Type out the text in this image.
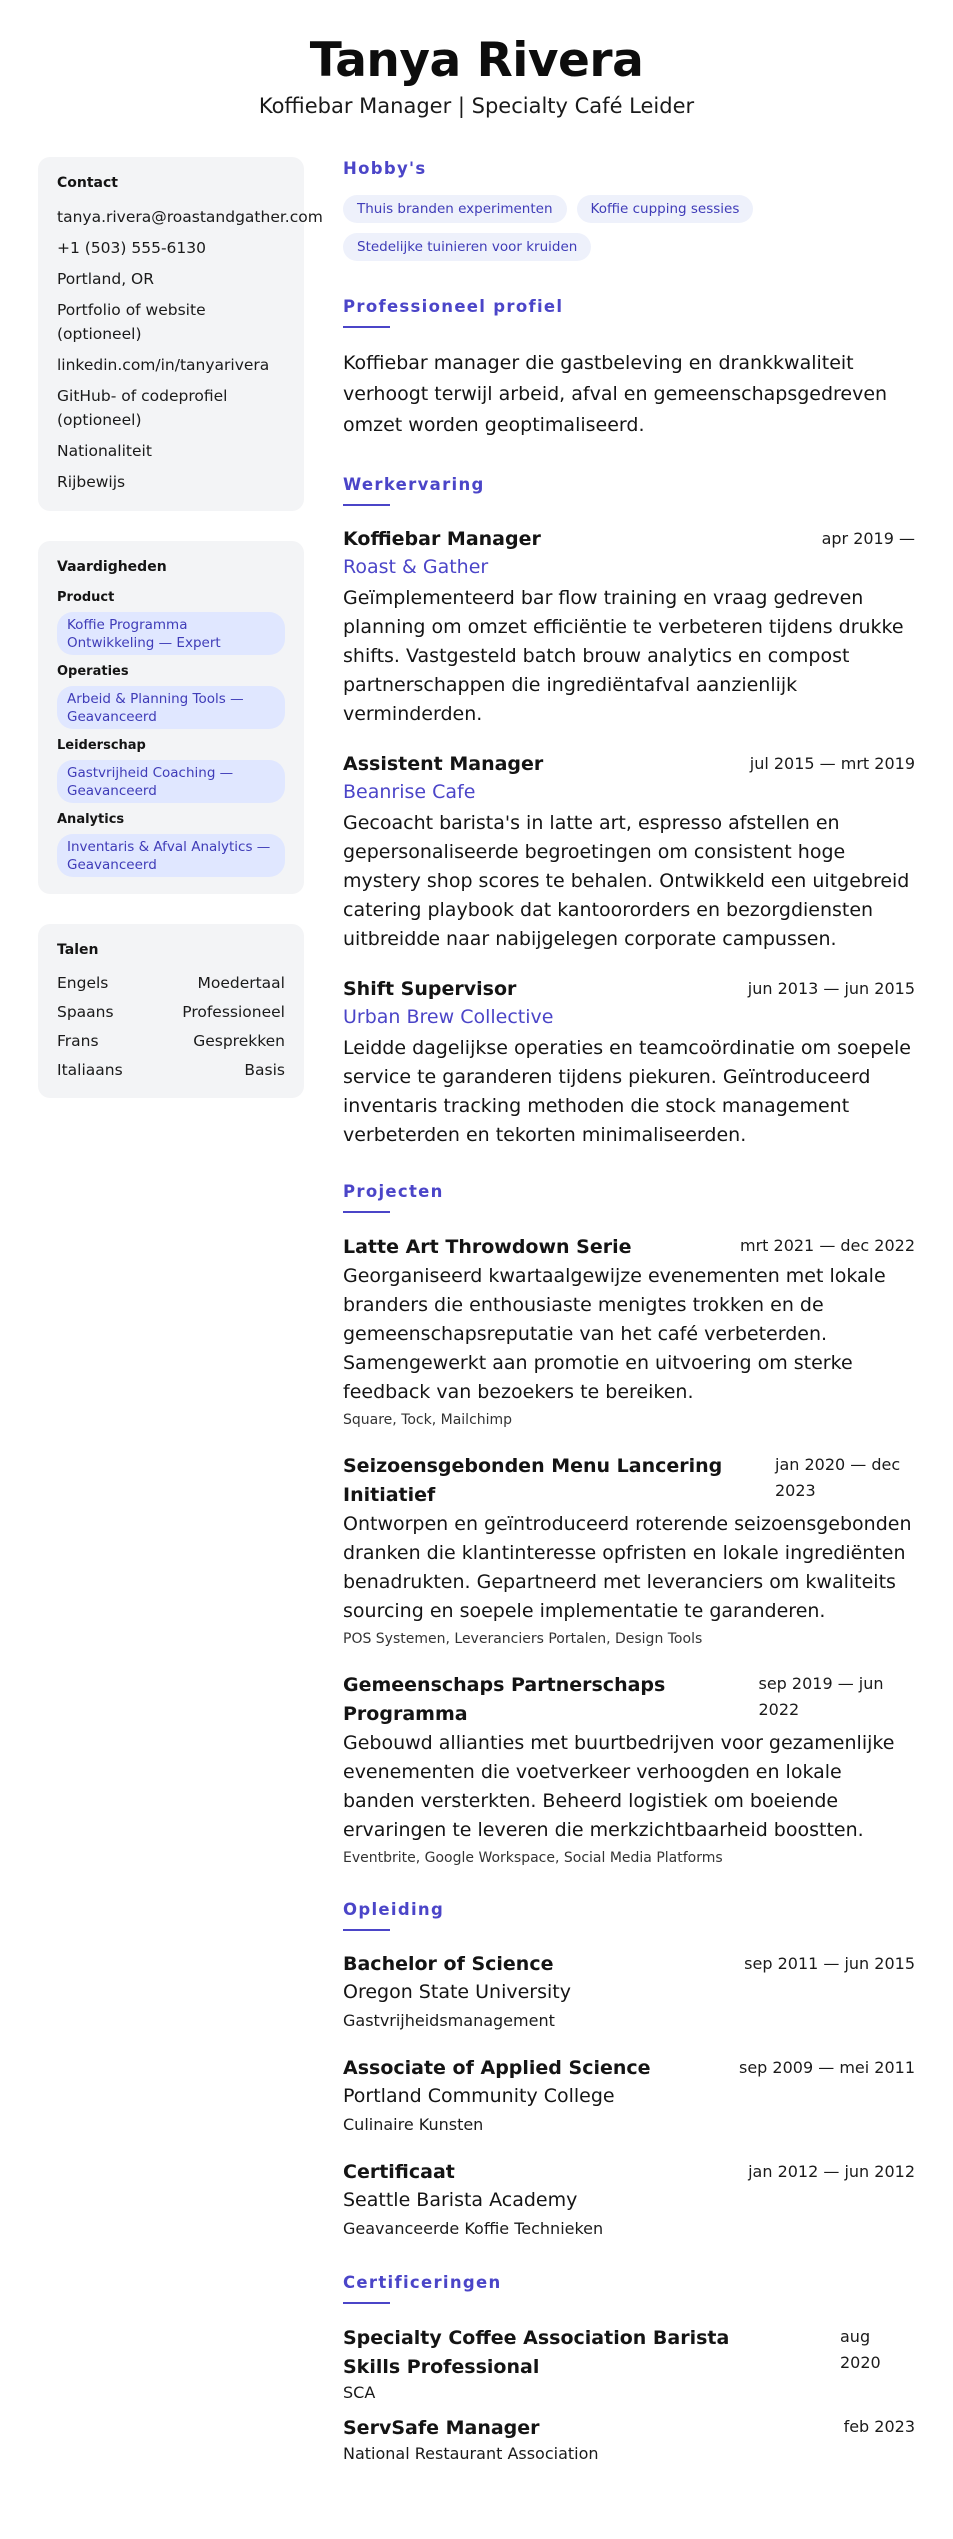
Tanya Rivera
Koffiebar Manager | Specialty Café Leider
Contact
tanya.rivera@roastandgather.com
+1 (503) 555-6130
Portland, OR
Portfolio of website (optioneel)
linkedin.com/in/tanyarivera
GitHub- of codeprofiel (optioneel)
Nationaliteit
Rijbewijs
Vaardigheden
Product
Koffie Programma Ontwikkeling — Expert
Operaties
Arbeid & Planning Tools — Geavanceerd
Leiderschap
Gastvrijheid Coaching — Geavanceerd
Analytics
Inventaris & Afval Analytics — Geavanceerd
Talen
Engels	Moedertaal
Spaans	Professioneel
Frans	Gesprekken
Italiaans	Basis
Hobby's
Thuis branden experimenten	Koffie cupping sessies
Stedelijke tuinieren voor kruiden
Professioneel profiel
Koffiebar manager die gastbeleving en drankkwaliteit verhoogt terwijl arbeid, afval en gemeenschapsgedreven omzet worden geoptimaliseerd.
Werkervaring
Koffiebar Manager	apr 2019 —
Roast & Gather
Geïmplementeerd bar flow training en vraag gedreven planning om omzet efficiëntie te verbeteren tijdens drukke shifts. Vastgesteld batch brouw analytics en compost partnerschappen die ingrediëntafval aanzienlijk verminderden.
Assistent Manager	jul 2015 — mrt 2019
Beanrise Cafe
Gecoacht barista's in latte art, espresso afstellen en gepersonaliseerde begroetingen om consistent hoge mystery shop scores te behalen. Ontwikkeld een uitgebreid catering playbook dat kantoororders en bezorgdiensten uitbreidde naar nabijgelegen corporate campussen.
Shift Supervisor	jun 2013 — jun 2015
Urban Brew Collective
Leidde dagelijkse operaties en teamcoördinatie om soepele service te garanderen tijdens piekuren. Geïntroduceerd inventaris tracking methoden die stock management verbeterden en tekorten minimaliseerden.
Projecten
Latte Art Throwdown Serie	mrt 2021 — dec 2022
Georganiseerd kwartaalgewijze evenementen met lokale branders die enthousiaste menigtes trokken en de gemeenschapsreputatie van het café verbeterden. Samengewerkt aan promotie en uitvoering om sterke feedback van bezoekers te bereiken.
Square, Tock, Mailchimp
Seizoensgebonden Menu Lancering Initiatief
jan 2020 — dec 2023
Ontworpen en geïntroduceerd roterende seizoensgebonden dranken die klantinteresse opfristen en lokale ingrediënten benadrukten. Gepartneerd met leveranciers om kwaliteits sourcing en soepele implementatie te garanderen.
POS Systemen, Leveranciers Portalen, Design Tools
Gemeenschaps Partnerschaps Programma
sep 2019 — jun 2022
Gebouwd allianties met buurtbedrijven voor gezamenlijke evenementen die voetverkeer verhoogden en lokale banden versterkten. Beheerd logistiek om boeiende ervaringen te leveren die merkzichtbaarheid boostten.
Eventbrite, Google Workspace, Social Media Platforms
Opleiding
Bachelor of Science	sep 2011 — jun 2015
Oregon State University
Gastvrijheidsmanagement
Associate of Applied Science	sep 2009 — mei 2011
Portland Community College
Culinaire Kunsten
Certificaat	jan 2012 — jun 2012
Seattle Barista Academy
Geavanceerde Koffie Technieken
Certificeringen
Specialty Coffee Association Barista Skills Professional
aug 2020
SCA
ServSafe Manager	feb 2023
National Restaurant Association
